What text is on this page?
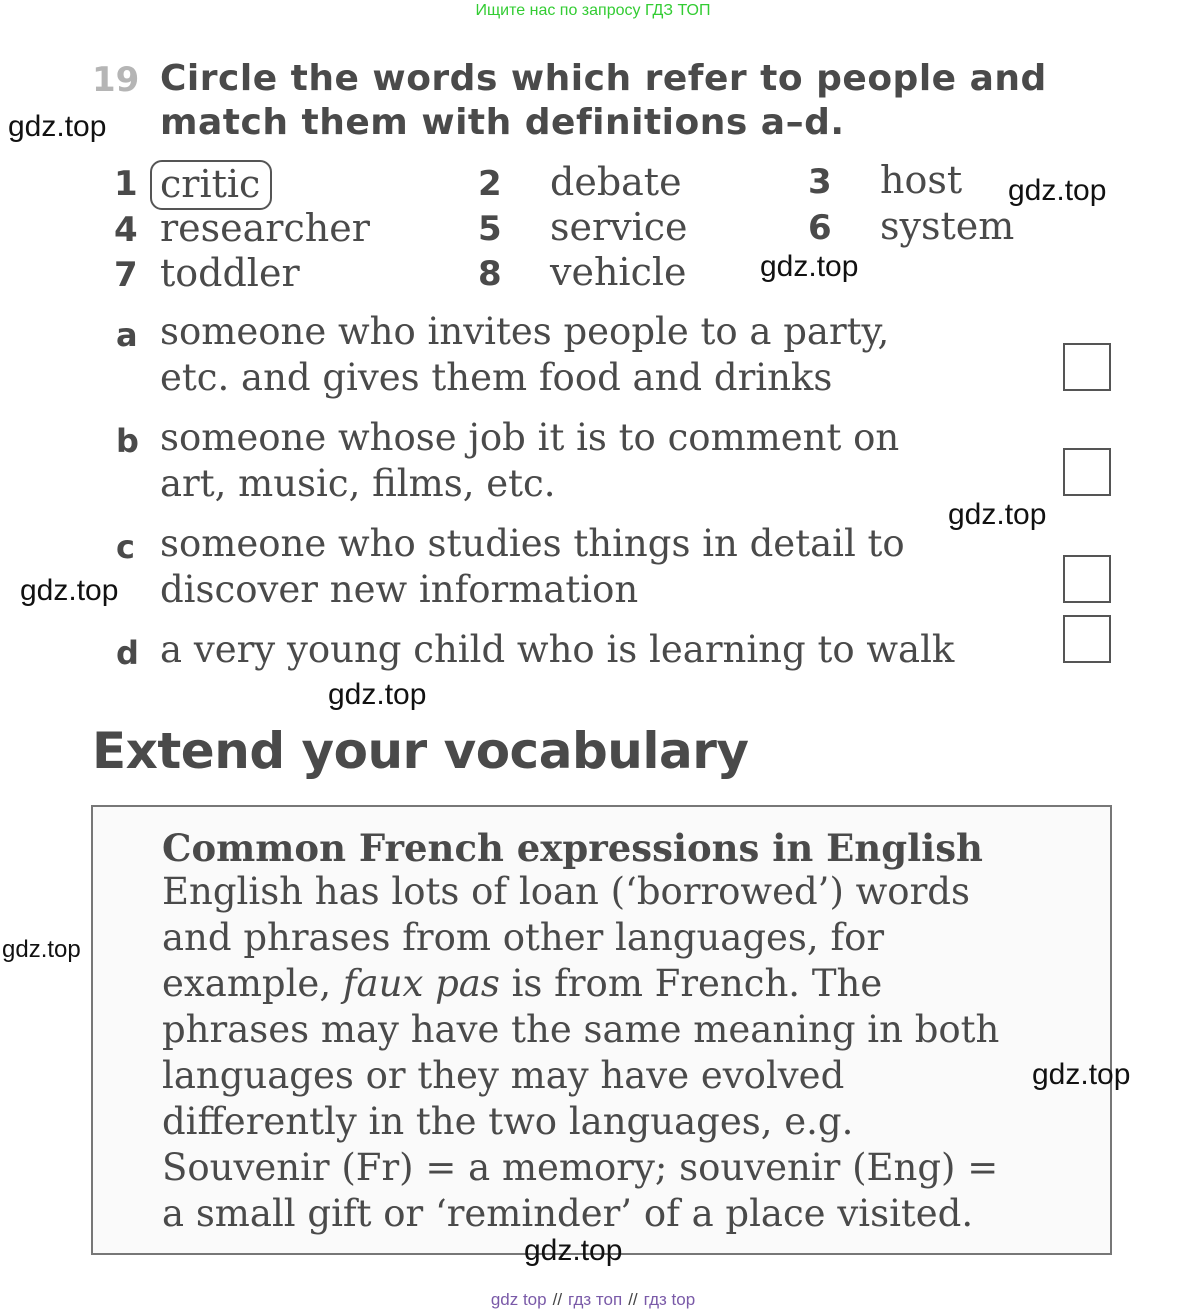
Ищите нас по запросу ГДЗ ТОП
19 Circle the words which refer to people and
match them with definitions a–d.
1 critic	2 debate	3 host
4 researcher	5 service	6 system
7 toddler	8 vehicle
a someone who invites people to a party,
etc. and gives them food and drinks
b someone whose job it is to comment on
art, music, films, etc.
c someone who studies things in detail to
discover new information
d a very young child who is learning to walk
Extend your vocabulary
Common French expressions in English
English has lots of loan (‘borrowed’) words
and phrases from other languages, for
example, faux pas is from French. The
phrases may have the same meaning in both
languages or they may have evolved
differently in the two languages, e.g.
Souvenir (Fr) = a memory; souvenir (Eng) =
a small gift or ‘reminder’ of a place visited.
gdz.top
gdz.top
gdz.top
gdz.top
gdz.top
gdz.top
gdz.top
gdz.top
gdz.top
gdz top // гдз топ // гдз top
